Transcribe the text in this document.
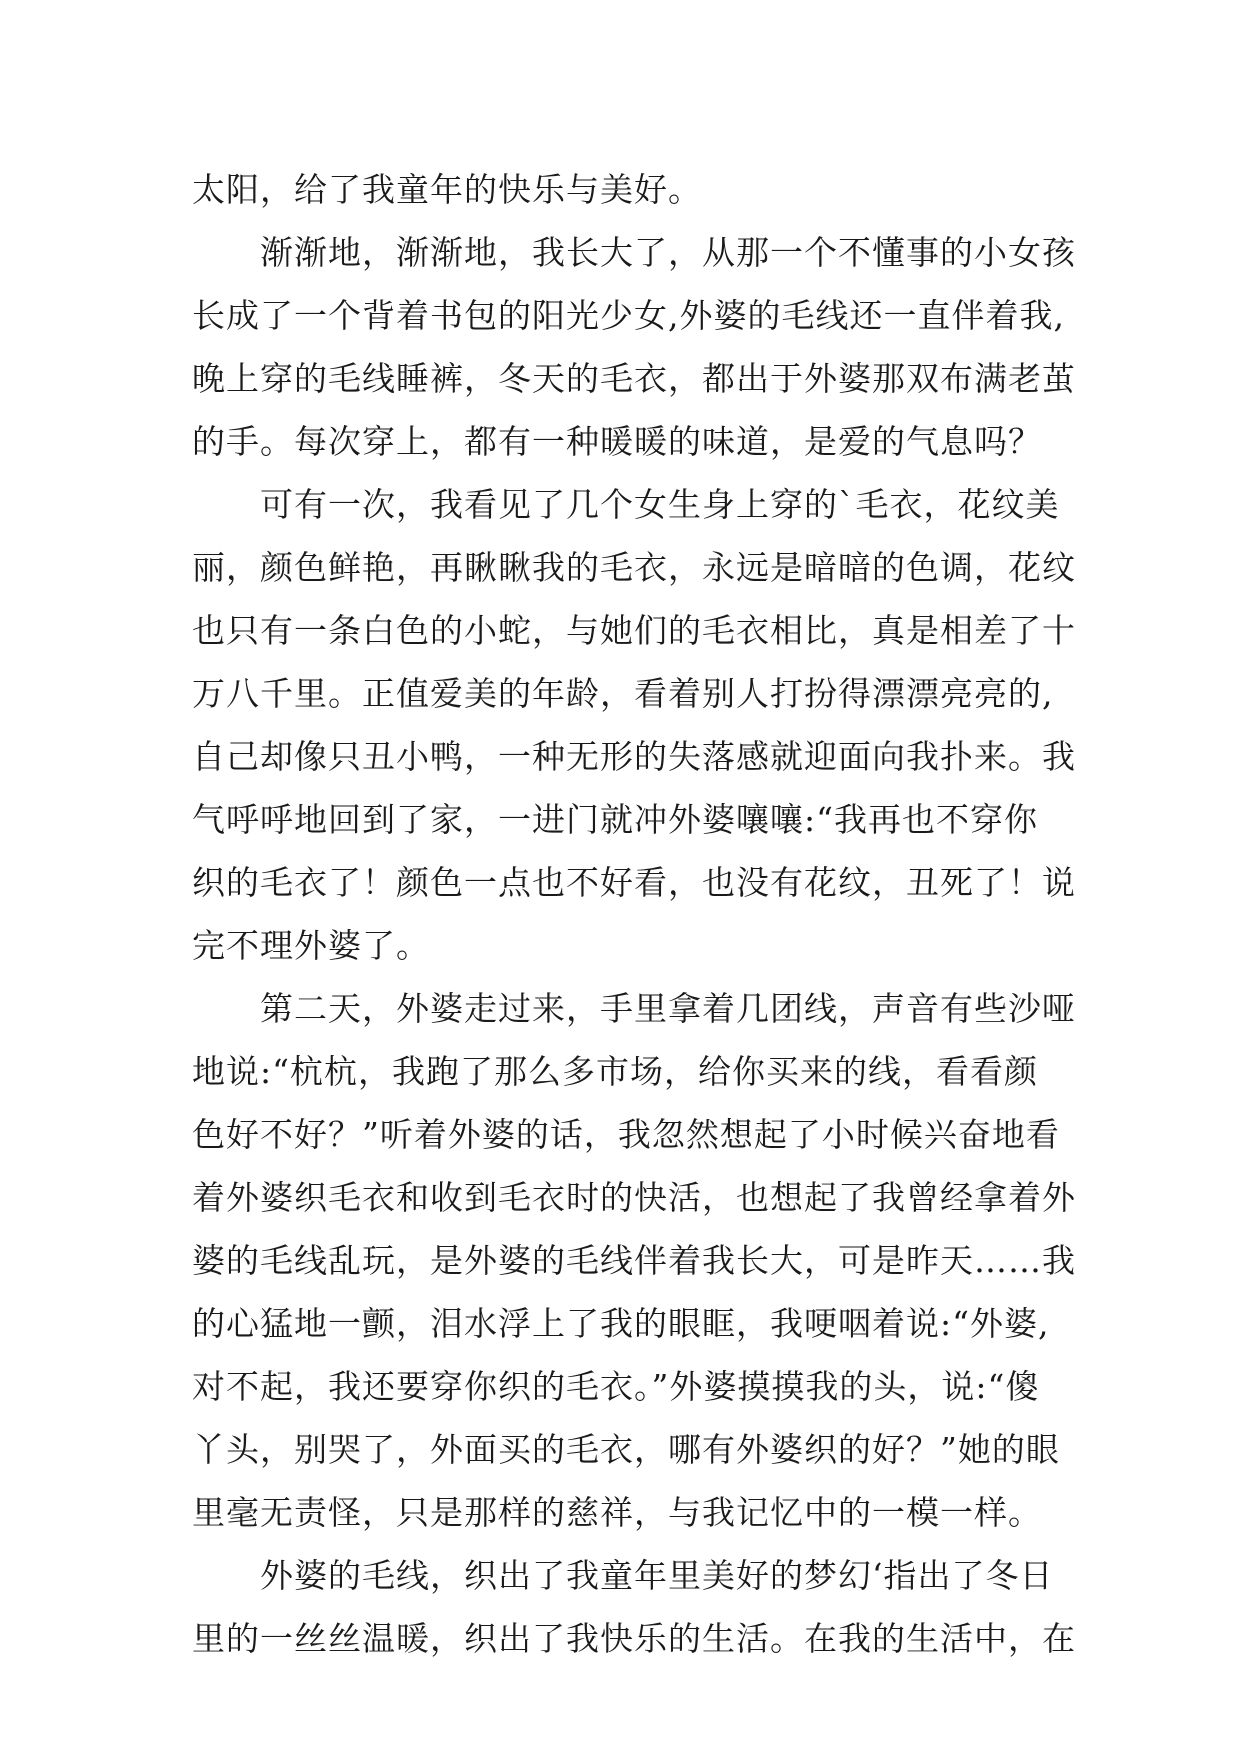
太阳，给了我童年的快乐与美好。
　　渐渐地，渐渐地，我长大了，从那一个不懂事的小女孩
长成了一个背着书包的阳光少女,外婆的毛线还一直伴着我,
晚上穿的毛线睡裤，冬天的毛衣，都出于外婆那双布满老茧
的手。每次穿上，都有一种暖暖的味道，是爱的气息吗？
　　可有一次，我看见了几个女生身上穿的`毛衣，花纹美
丽，颜色鲜艳，再瞅瞅我的毛衣，永远是暗暗的色调，花纹
也只有一条白色的小蛇，与她们的毛衣相比，真是相差了十
万八千里。正值爱美的年龄，看着别人打扮得漂漂亮亮的,
自己却像只丑小鸭，一种无形的失落感就迎面向我扑来。我
气呼呼地回到了家，一进门就冲外婆嚷嚷:“我再也不穿你
织的毛衣了！颜色一点也不好看，也没有花纹，丑死了！说
完不理外婆了。
　　第二天，外婆走过来，手里拿着几团线，声音有些沙哑
地说:“杭杭，我跑了那么多市场，给你买来的线，看看颜
色好不好？”听着外婆的话，我忽然想起了小时候兴奋地看
着外婆织毛衣和收到毛衣时的快活，也想起了我曾经拿着外
婆的毛线乱玩，是外婆的毛线伴着我长大，可是昨天……我
的心猛地一颤，泪水浮上了我的眼眶，我哽咽着说:“外婆,
对不起，我还要穿你织的毛衣。”外婆摸摸我的头，说:“傻
丫头，别哭了，外面买的毛衣，哪有外婆织的好？”她的眼
里毫无责怪，只是那样的慈祥，与我记忆中的一模一样。
　　外婆的毛线，织出了我童年里美好的梦幻‘指出了冬日
里的一丝丝温暖，织出了我快乐的生活。在我的生活中，在
